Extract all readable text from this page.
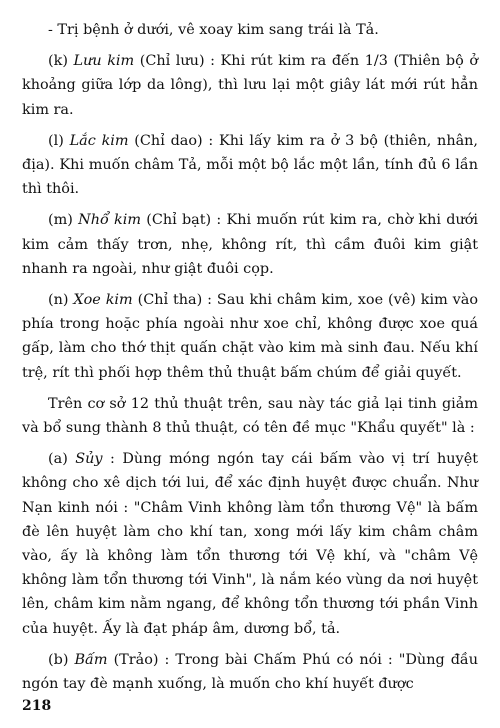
- Trị bệnh ở dưới, vê xoay kim sang trái là Tả.

(k) Lưu kim (Chỉ lưu) : Khi rút kim ra đến 1/3 (Thiên bộ ở khoảng giữa lớp da lông), thì lưu lại một giây lát mới rút hẳn kim ra.

(l) Lắc kim (Chỉ dao) : Khi lấy kim ra ở 3 bộ (thiên, nhân, địa). Khi muốn châm Tả, mỗi một bộ lắc một lần, tính đủ 6 lần thì thôi.

(m) Nhổ kim (Chỉ bạt) : Khi muốn rút kim ra, chờ khi dưới kim cảm thấy trơn, nhẹ, không rít, thì cầm đuôi kim giật nhanh ra ngoài, như giật đuôi cọp.

(n) Xoe kim (Chỉ tha) : Sau khi châm kim, xoe (vê) kim vào phía trong hoặc phía ngoài như xoe chỉ, không được xoe quá gấp, làm cho thớ thịt quấn chặt vào kim mà sinh đau. Nếu khí trệ, rít thì phối hợp thêm thủ thuật bấm chúm để giải quyết.

Trên cơ sở 12 thủ thuật trên, sau này tác giả lại tinh giảm và bổ sung thành 8 thủ thuật, có tên đề mục "Khẩu quyết" là :

(a) Sủy : Dùng móng ngón tay cái bấm vào vị trí huyệt không cho xê dịch tới lui, để xác định huyệt được chuẩn. Như Nạn kinh nói : "Châm Vinh không làm tổn thương Vệ" là bấm đè lên huyệt làm cho khí tan, xong mới lấy kim châm châm vào, ấy là không làm tổn thương tới Vệ khí, và "châm Vệ không làm tổn thương tới Vinh", là nắm kéo vùng da nơi huyệt lên, châm kim nằm ngang, để không tổn thương tới phần Vinh của huyệt. Ấy là đạt pháp âm, dương bổ, tả.

(b) Bấm (Trảo) : Trong bài Chấm Phú có nói : "Dùng đầu ngón tay đè mạnh xuống, là muốn cho khí huyết được

218
